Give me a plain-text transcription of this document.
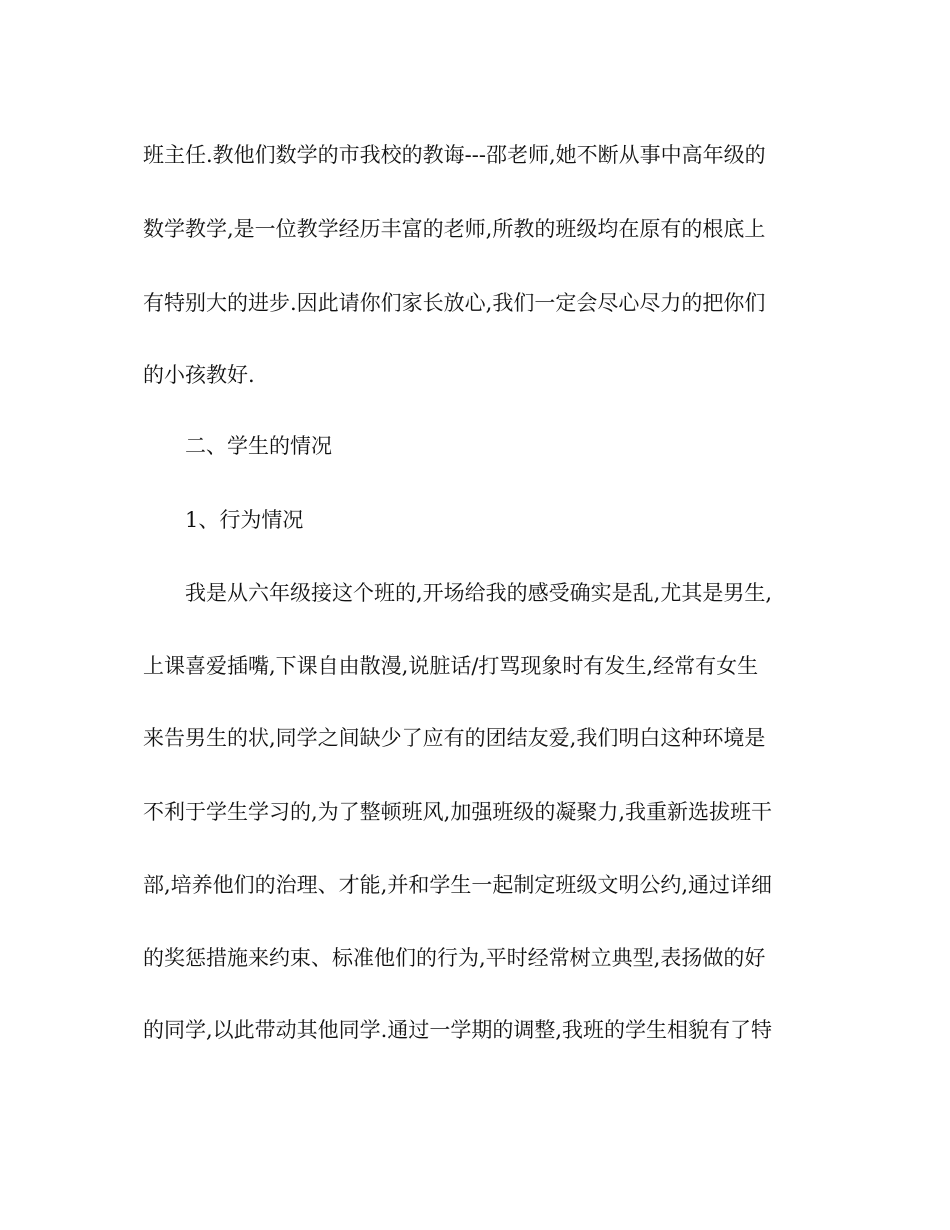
班主任.教他们数学的市我校的教诲---邵老师,她不断从事中高年级的
数学教学,是一位教学经历丰富的老师,所教的班级均在原有的根底上
有特别大的进步.因此请你们家长放心,我们一定会尽心尽力的把你们
的小孩教好.
二、学生的情况
1、行为情况
我是从六年级接这个班的,开场给我的感受确实是乱,尤其是男生,
上课喜爱插嘴,下课自由散漫,说脏话/打骂现象时有发生,经常有女生
来告男生的状,同学之间缺少了应有的团结友爱,我们明白这种环境是
不利于学生学习的,为了整顿班风,加强班级的凝聚力,我重新选拔班干
部,培养他们的治理、才能,并和学生一起制定班级文明公约,通过详细
的奖惩措施来约束、标准他们的行为,平时经常树立典型,表扬做的好
的同学,以此带动其他同学.通过一学期的调整,我班的学生相貌有了特
